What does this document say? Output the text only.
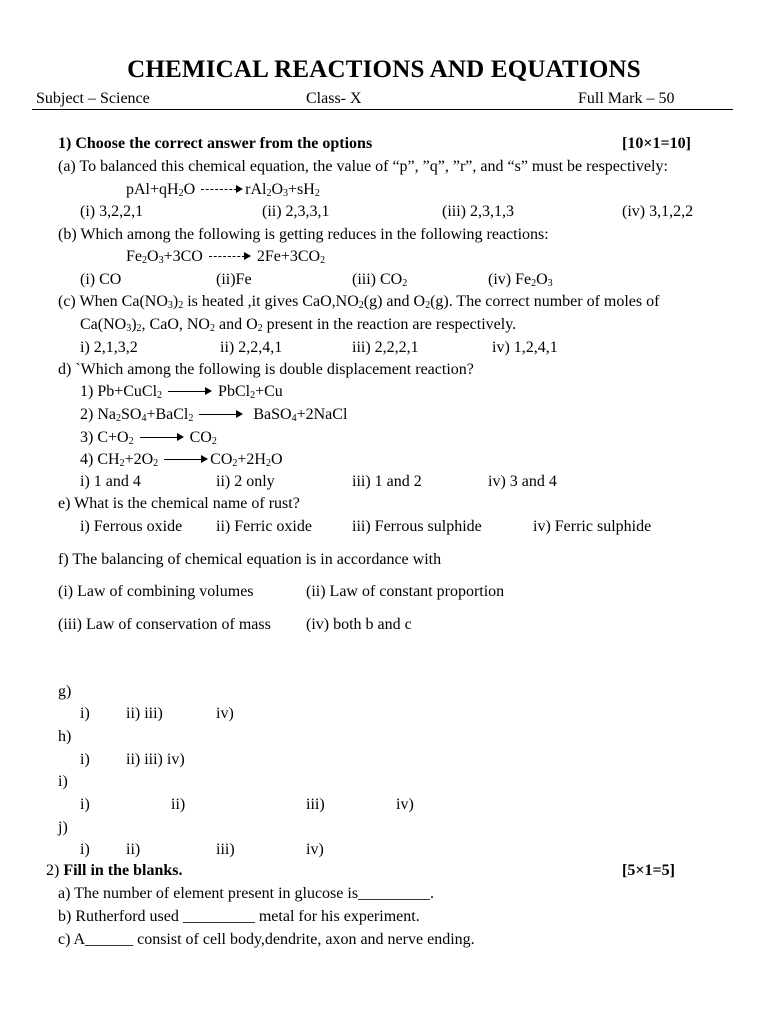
CHEMICAL REACTIONS AND EQUATIONS
Subject – Science	Class- X	Full Mark – 50
1) Choose the correct answer from the options	[10×1=10]
(a) To balanced this chemical equation, the value of “p”, ”q”, ”r”, and “s” must be respectively:
$pAl+qH_2O$	$rAl_2O_3+sH_2$
(i) 3,2,2,1	(ii) 2,3,3,1	(iii) 2,3,1,3	(iv) 3,1,2,2
(b) Which among the following is getting reduces in the following reactions:
$Fe_2O_3+3CO$	$2Fe+3CO_2$
(i) CO	(ii)Fe	(iii) $CO_2$	(iv) $Fe_2O_3$
(c) When $Ca(NO_3)_2$ is heated ,it gives $CaO,NO_2(g)$ and $O_2(g)$. The correct number of moles of
$Ca(NO_3)_2$, CaO, $NO_2$ and $O_2$ present in the reaction are respectively.
i) 2,1,3,2	ii) 2,2,4,1	iii) 2,2,2,1	iv) 1,2,4,1
d) `Which among the following is double displacement reaction?
1) Pb+CuCl$_2$	PbCl$_2$+Cu
2) $Na_2SO_4+BaCl_2$	BaSO$_4$+2NaCl
3) $C+O_2$	$CO_2$
4) $CH_2+2O_2$	$CO_2+2H_2O$
i) 1 and 4	ii) 2 only	iii) 1 and 2	iv) 3 and 4
e) What is the chemical name of rust?
i) Ferrous oxide ii) Ferric oxide	iii) Ferrous sulphide	iv) Ferric sulphide
f) The balancing of chemical equation is in accordance with
(i) Law of combining volumes	(ii) Law of constant proportion
(iii) Law of conservation of mass (iv) both b and c
g)
i) ii) iii)	iv)
h)
i) ii) iii) iv)
i)
i)	ii)	iii)	iv)
j)
i) ii)	iii)	iv)
2) Fill in the blanks.	[5×1=5]
a) The number of element present in glucose is_________.
b) Rutherford used _________ metal for his experiment.
c) A______ consist of cell body,dendrite, axon and nerve ending.
